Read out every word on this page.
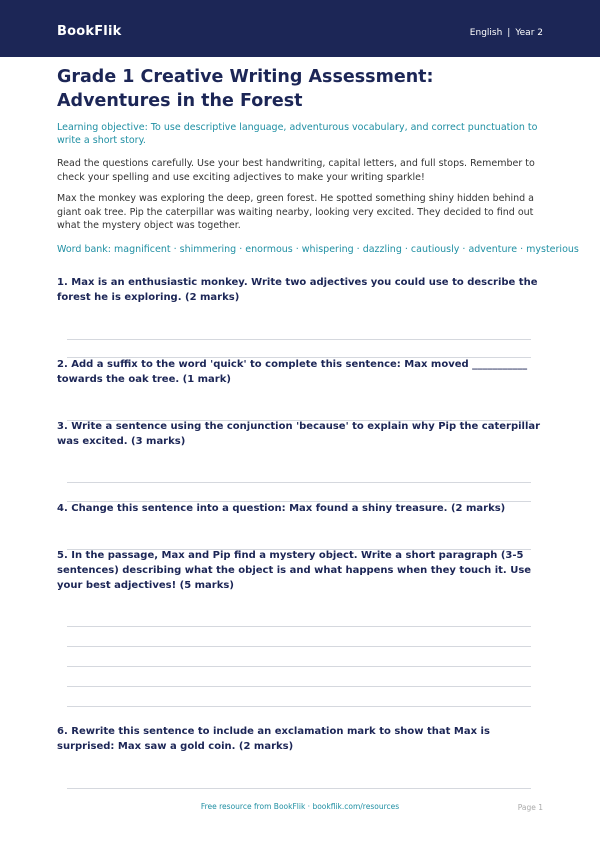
BookFlik	English | Year 2
Grade 1 Creative Writing Assessment: Adventures in the Forest

Learning objective: To use descriptive language, adventurous vocabulary, and correct punctuation to write a short story.

Read the questions carefully. Use your best handwriting, capital letters, and full stops. Remember to check your spelling and use exciting adjectives to make your writing sparkle!

Max the monkey was exploring the deep, green forest. He spotted something shiny hidden behind a giant oak tree. Pip the caterpillar was waiting nearby, looking very excited. They decided to find out what the mystery object was together.

Word bank: magnificent · shimmering · enormous · whispering · dazzling · cautiously · adventure · mysterious

1. Max is an enthusiastic monkey. Write two adjectives you could use to describe the forest he is exploring. (2 marks)
2. Add a suffix to the word 'quick' to complete this sentence: Max moved ___________ towards the oak tree. (1 mark)
3. Write a sentence using the conjunction 'because' to explain why Pip the caterpillar was excited. (3 marks)
4. Change this sentence into a question: Max found a shiny treasure. (2 marks)
5. In the passage, Max and Pip find a mystery object. Write a short paragraph (3-5 sentences) describing what the object is and what happens when they touch it. Use your best adjectives! (5 marks)
6. Rewrite this sentence to include an exclamation mark to show that Max is surprised: Max saw a gold coin. (2 marks)
Free resource from BookFlik · bookflik.com/resources	Page 1
